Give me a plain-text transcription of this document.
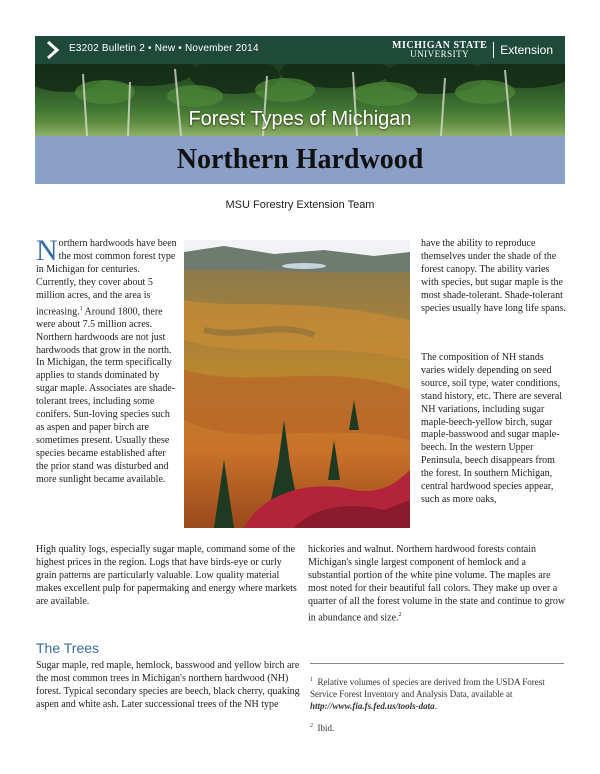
E3202 Bulletin 2 • New • November 2014	MICHIGAN STATE
UNIVERSITY	Extension
Forest Types of Michigan
Northern Hardwood
MSU Forestry Extension Team

Northern hardwoods have been the most common forest type in Michigan for centuries. Currently, they cover about 5 million acres, and the area is increasing.$^1$ Around 1800, there were about 7.5 million acres. Northern hardwoods are not just hardwoods that grow in the north. In Michigan, the term specifically applies to stands dominated by sugar maple. Associates are shade-tolerant trees, including some conifers. Sun-loving species such as aspen and paper birch are sometimes present. Usually these species became established after the prior stand was disturbed and more sunlight became available.

High quality logs, especially sugar maple, command some of the highest prices in the region. Logs that have birds-eye or curly grain patterns are particularly valuable. Low quality material makes excellent pulp for papermaking and energy where markets are available.
The Trees
Sugar maple, red maple, hemlock, basswood and yellow birch are the most common trees in Michigan's northern hardwood (NH) forest. Typical secondary species are beech, black cherry, quaking aspen and white ash. Later successional trees of the NH type
have the ability to reproduce themselves under the shade of the forest canopy. The ability varies with species, but sugar maple is the most shade-tolerant. Shade-tolerant species usually have long life spans.
The composition of NH stands varies widely depending on seed source, soil type, water conditions, stand history, etc. There are several NH variations, including sugar maple-beech-yellow birch, sugar maple-basswood and sugar maple-beech. In the western Upper Peninsula, beech disappears from the forest. In southern Michigan, central hardwood species appear, such as more oaks,
hickories and walnut. Northern hardwood forests contain Michigan's single largest component of hemlock and a substantial portion of the white pine volume. The maples are most noted for their beautiful fall colors. They make up over a quarter of all the forest volume in the state and continue to grow in abundance and size.$^2$
$^1$ Relative volumes of species are derived from the USDA Forest Service Forest Inventory and Analysis Data, available at http://www.fia.fs.fed.us/tools-data.
$^2$ Ibid.
